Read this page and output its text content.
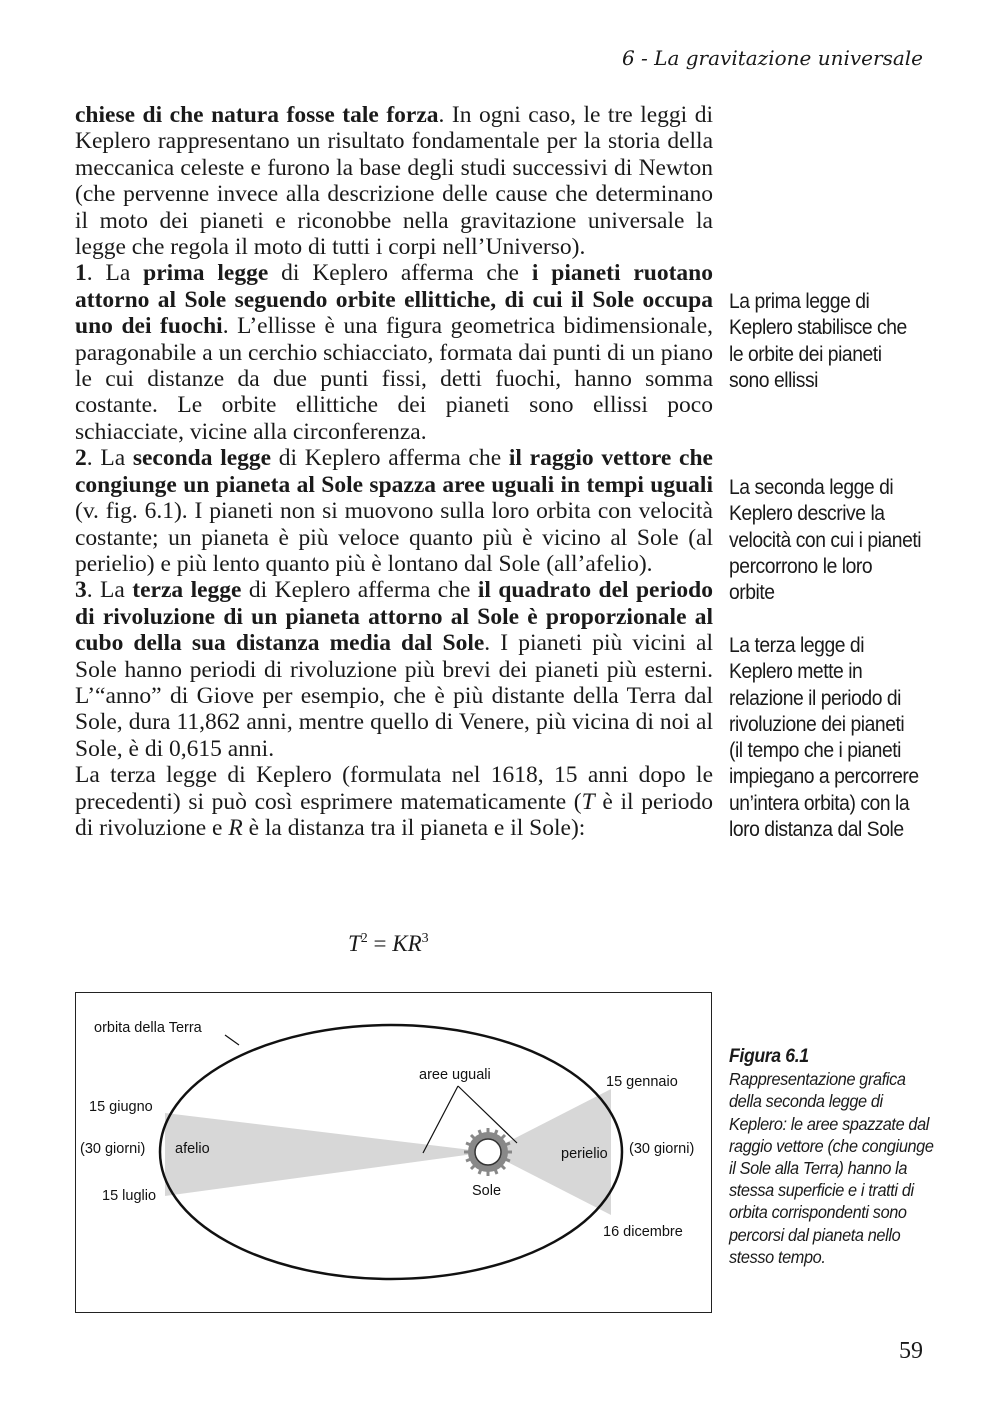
6 - La gravitazione universale

chiese di che natura fosse tale forza. In ogni caso, le tre leggi di Keplero rappresentano un risultato fondamentale per la storia della meccanica celeste e furono la base degli studi successivi di Newton (che pervenne invece alla descrizione delle cause che determinano il moto dei pianeti e riconobbe nella gravitazione universale la legge che regola il moto di tutti i corpi nell’Universo).

1. La prima legge di Keplero afferma che i pianeti ruotano attorno al Sole seguendo orbite ellittiche, di cui il Sole occupa uno dei fuochi. L’ellisse è una figura geometrica bidimensionale, paragonabile a un cerchio schiacciato, formata dai punti di un piano le cui distanze da due punti fissi, detti fuochi, hanno somma costante. Le orbite ellittiche dei pianeti sono ellissi poco schiacciate, vicine alla circonferenza.

2. La seconda legge di Keplero afferma che il raggio vettore che congiunge un pianeta al Sole spazza aree uguali in tempi uguali (v. fig. 6.1). I pianeti non si muovono sulla loro orbita con velocità costante; un pianeta è più veloce quanto più è vicino al Sole (al perielio) e più lento quanto più è lontano dal Sole (all’afelio).

3. La terza legge di Keplero afferma che il quadrato del periodo di rivoluzione di un pianeta attorno al Sole è proporzionale al cubo della sua distanza media dal Sole. I pianeti più vicini al Sole hanno periodi di rivoluzione più brevi dei pianeti più esterni. L’“anno” di Giove per esempio, che è più distante della Terra dal Sole, dura 11,862 anni, mentre quello di Venere, più vicina di noi al Sole, è di 0,615 anni.

La terza legge di Keplero (formulata nel 1618, 15 anni dopo le precedenti) si può così esprimere matematicamente (T è il periodo di rivoluzione e R è la distanza tra il pianeta e il Sole):

La prima legge di Keplero stabilisce che le orbite dei pianeti sono ellissi
La seconda legge di Keplero descrive la velocità con cui i pianeti percorrono le loro orbite
La terza legge di Keplero mette in relazione il periodo di rivoluzione dei pianeti (il tempo che i pianeti impiegano a percorrere un’intera orbita) con la loro distanza dal Sole
$T^2 = KR^3$
orbita della Terra
15 giugno
(30 giorni) afelio
15 luglio
aree uguali	15 gennaio
perielio (30 giorni)
Sole
16 dicembre
Figura 6.1
Rappresentazione grafica della seconda legge di Keplero: le aree spazzate dal raggio vettore (che congiunge il Sole alla Terra) hanno la stessa superficie e i tratti di orbita corrispondenti sono percorsi dal pianeta nello stesso tempo.
59
